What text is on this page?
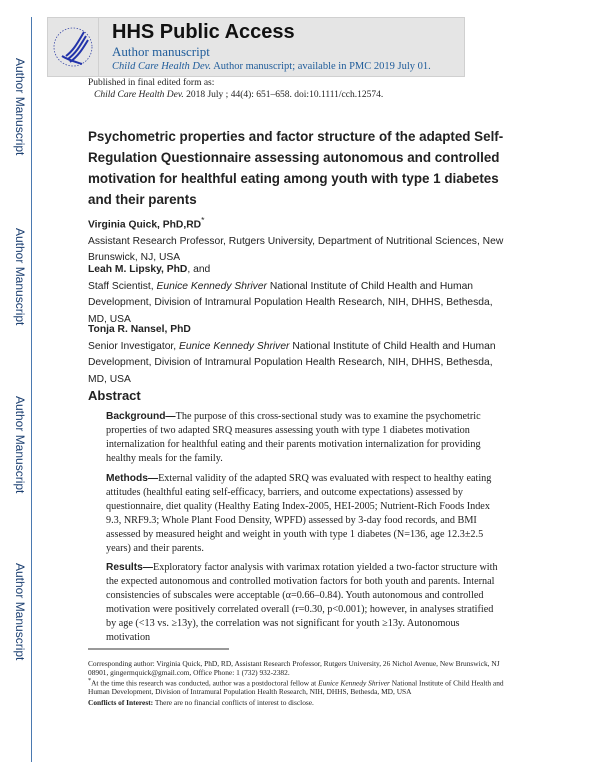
Author Manuscript
Author Manuscript
Author Manuscript
Author Manuscript
HHS Public Access
Author manuscript
Child Care Health Dev. Author manuscript; available in PMC 2019 July 01.
Published in final edited form as:
Child Care Health Dev. 2018 July ; 44(4): 651–658. doi:10.1111/cch.12574.
Psychometric properties and factor structure of the adapted Self-Regulation Questionnaire assessing autonomous and controlled motivation for healthful eating among youth with type 1 diabetes and their parents
Virginia Quick, PhD,RD*
Assistant Research Professor, Rutgers University, Department of Nutritional Sciences, New Brunswick, NJ, USA
Leah M. Lipsky, PhD, and
Staff Scientist, Eunice Kennedy Shriver National Institute of Child Health and Human Development, Division of Intramural Population Health Research, NIH, DHHS, Bethesda, MD, USA
Tonja R. Nansel, PhD
Senior Investigator, Eunice Kennedy Shriver National Institute of Child Health and Human Development, Division of Intramural Population Health Research, NIH, DHHS, Bethesda, MD, USA
Abstract
Background—The purpose of this cross-sectional study was to examine the psychometric properties of two adapted SRQ measures assessing youth with type 1 diabetes motivation internalization for healthful eating and their parents motivation internalization for providing healthy meals for the family.
Methods—External validity of the adapted SRQ was evaluated with respect to healthy eating attitudes (healthful eating self-efficacy, barriers, and outcome expectations) assessed by questionnaire, diet quality (Healthy Eating Index-2005, HEI-2005; Nutrient-Rich Foods Index 9.3, NRF9.3; Whole Plant Food Density, WPFD) assessed by 3-day food records, and BMI assessed by measured height and weight in youth with type 1 diabetes (N=136, age 12.3±2.5 years) and their parents.
Results—Exploratory factor analysis with varimax rotation yielded a two-factor structure with the expected autonomous and controlled motivation factors for both youth and parents. Internal consistencies of subscales were acceptable (α=0.66–0.84). Youth autonomous and controlled motivation were positively correlated overall (r=0.30, p<0.001); however, in analyses stratified by age (<13 vs. ≥13y), the correlation was not significant for youth ≥13y. Autonomous motivation
Corresponding author: Virginia Quick, PhD, RD, Assistant Research Professor, Rutgers University, 26 Nichol Avenue, New Brunswick, NJ 08901, gingermquick@gmail.com, Office Phone: 1 (732) 932-2382.
*At the time this research was conducted, author was a postdoctoral fellow at Eunice Kennedy Shriver National Institute of Child Health and Human Development, Division of Intramural Population Health Research, NIH, DHHS, Bethesda, MD, USA
Conflicts of Interest: There are no financial conflicts of interest to disclose.
